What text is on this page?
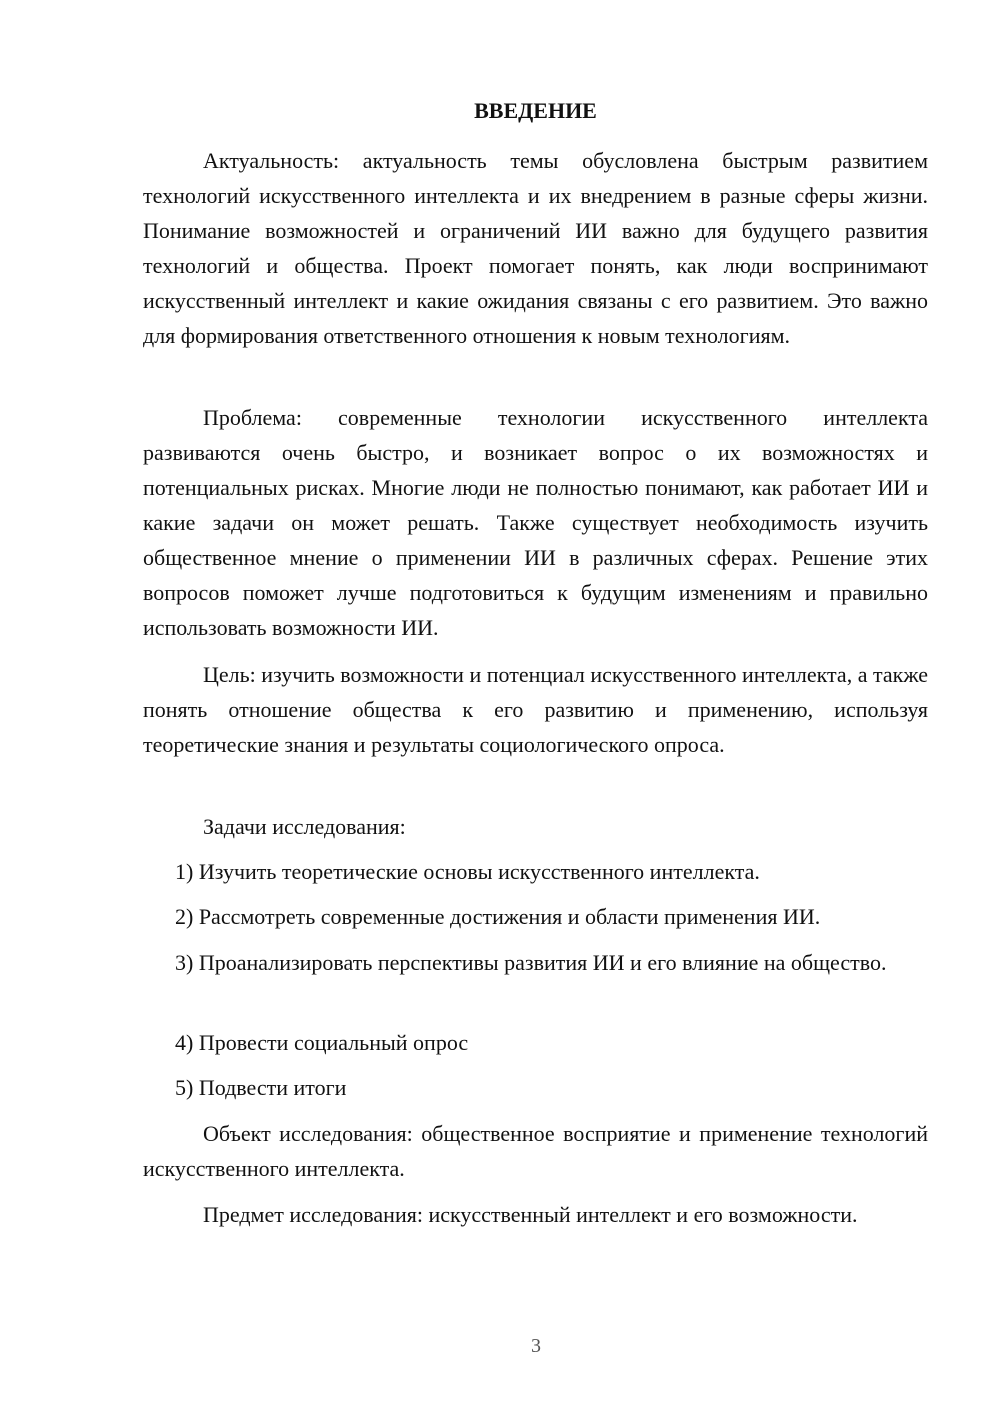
ВВЕДЕНИЕ

Актуальность: актуальность темы обусловлена быстрым развитием технологий искусственного интеллекта и их внедрением в разные сферы жизни. Понимание возможностей и ограничений ИИ важно для будущего развития технологий и общества. Проект помогает понять, как люди воспринимают искусственный интеллект и какие ожидания связаны с его развитием. Это важно для формирования ответственного отношения к новым технологиям.

Проблема: современные технологии искусственного интеллекта развиваются очень быстро, и возникает вопрос о их возможностях и потенциальных рисках. Многие люди не полностью понимают, как работает ИИ и какие задачи он может решать. Также существует необходимость изучить общественное мнение о применении ИИ в различных сферах. Решение этих вопросов поможет лучше подготовиться к будущим изменениям и правильно использовать возможности ИИ.

Цель: изучить возможности и потенциал искусственного интеллекта, а также понять отношение общества к его развитию и применению, используя теоретические знания и результаты социологического опроса.

Задачи исследования:

1) Изучить теоретические основы искусственного интеллекта.

2) Рассмотреть современные достижения и области применения ИИ.

3) Проанализировать перспективы развития ИИ и его влияние на общество.

4) Провести социальный опрос

5) Подвести итоги

Объект исследования: общественное восприятие и применение технологий искусственного интеллекта.

Предмет исследования: искусственный интеллект и его возможности.

3
